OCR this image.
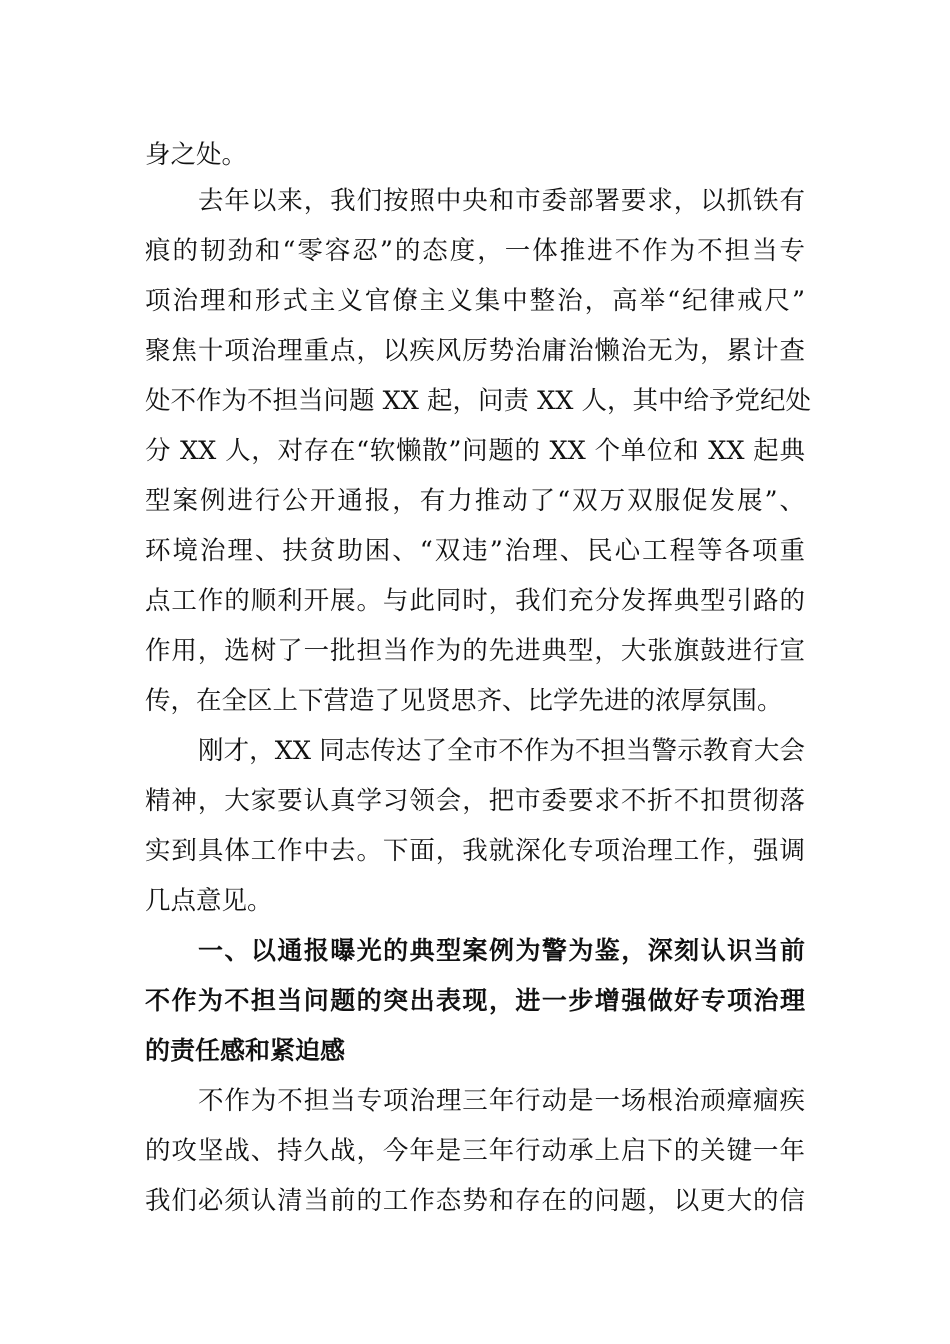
身之处。
去年以来，我们按照中央和市委部署要求，以抓铁有
痕的韧劲和“零容忍”的态度，一体推进不作为不担当专
项治理和形式主义官僚主义集中整治，高举“纪律戒尺”
聚焦十项治理重点，以疾风厉势治庸治懒治无为，累计查
处不作为不担当问题 XX 起，问责 XX 人，其中给予党纪处
分 XX 人，对存在“软懒散”问题的 XX 个单位和 XX 起典
型案例进行公开通报，有力推动了“双万双服促发展”、
环境治理、扶贫助困、“双违”治理、民心工程等各项重
点工作的顺利开展。与此同时，我们充分发挥典型引路的
作用，选树了一批担当作为的先进典型，大张旗鼓进行宣
传，在全区上下营造了见贤思齐、比学先进的浓厚氛围。
刚才，XX 同志传达了全市不作为不担当警示教育大会
精神，大家要认真学习领会，把市委要求不折不扣贯彻落
实到具体工作中去。下面，我就深化专项治理工作，强调
几点意见。
一、以通报曝光的典型案例为警为鉴，深刻认识当前
不作为不担当问题的突出表现，进一步增强做好专项治理
的责任感和紧迫感
不作为不担当专项治理三年行动是一场根治顽瘴痼疾
的攻坚战、持久战，今年是三年行动承上启下的关键一年
我们必须认清当前的工作态势和存在的问题，以更大的信
